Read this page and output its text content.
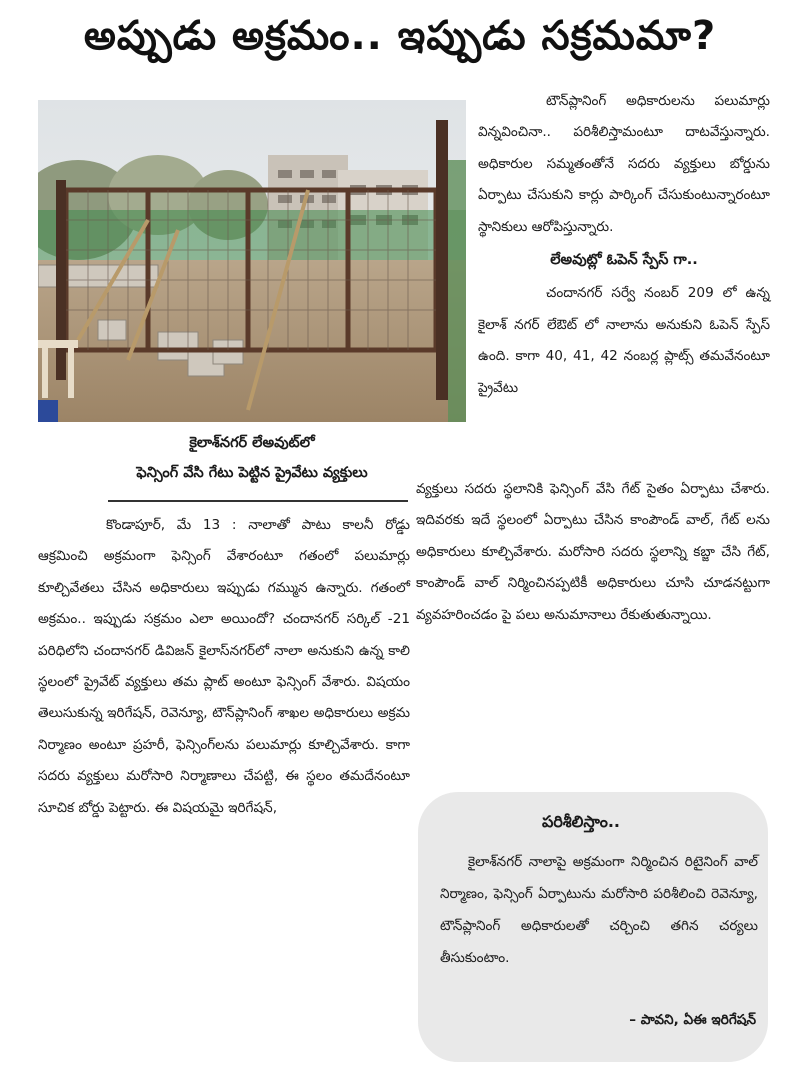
అప్పుడు అక్రమం.. ఇప్పుడు సక్రమమా?
కైలాశ్‌నగర్ లేఅవుట్‌లో
ఫెన్సింగ్ వేసి గేటు పెట్టిన ప్రైవేటు వ్యక్తులు

కొండాపూర్, మే 13 : నాలాతో పాటు కాలనీ రోడ్డు ఆక్రమించి అక్రమంగా ఫెన్సింగ్ వేశారంటూ గతంలో పలుమార్లు కూల్చివేతలు చేసిన అధికారులు ఇప్పుడు గమ్మున ఉన్నారు. గతంలో అక్రమం.. ఇప్పుడు సక్రమం ఎలా అయిందో? చందానగర్ సర్కిల్ -21 పరిధిలోని చందానగర్ డివిజన్ కైలాస్‌నగర్‌లో నాలా అనుకుని ఉన్న కాలి స్థలంలో ప్రైవేట్ వ్యక్తులు తమ ప్లాట్ అంటూ ఫెన్సింగ్ వేశారు. విషయం తెలుసుకున్న ఇరిగేషన్, రెవెన్యూ, టౌన్‌ప్లానింగ్ శాఖల అధికారులు అక్రమ నిర్మాణం అంటూ ప్రహరీ, ఫెన్సింగ్‌లను పలుమార్లు కూల్చివేశారు. కాగా సదరు వ్యక్తులు మరోసారి నిర్మాణాలు చేపట్టి, ఈ స్థలం తమదేనంటూ సూచిక బోర్డు పెట్టారు. ఈ విషయమై ఇరిగేషన్,

టౌన్‌ప్లానింగ్ అధికారులను పలుమార్లు విన్నవించినా.. పరిశీలిస్తామంటూ దాటవేస్తున్నారు. అధికారుల సమ్మతంతోనే సదరు వ్యక్తులు బోర్డును ఏర్పాటు చేసుకుని కార్లు పార్కింగ్ చేసుకుంటున్నారంటూ స్థానికులు ఆరోపిస్తున్నారు.

లేఅవుట్లో ఓపెన్ స్పేస్ గా..

చందానగర్ సర్వే నంబర్ 209 లో ఉన్న కైలాశ్ నగర్ లేఔట్ లో నాలాను అనుకుని ఓపెన్ స్పేస్ ఉంది. కాగా 40, 41, 42 నంబర్ల ప్లాట్స్ తమవేనంటూ ప్రైవేటు

వ్యక్తులు సదరు స్థలానికి ఫెన్సింగ్ వేసి గేట్ సైతం ఏర్పాటు చేశారు. ఇదివరకు ఇదే స్థలంలో ఏర్పాటు చేసిన కాంపౌండ్ వాల్, గేట్ లను అధికారులు కూల్చివేశారు. మరోసారి సదరు స్థలాన్ని కబ్జా చేసి గేట్, కాంపౌండ్ వాల్ నిర్మించినప్పటికీ అధికారులు చూసి చూడనట్టుగా వ్యవహరించడం పై పలు అనుమానాలు రేకుతుతున్నాయి.

పరిశీలిస్తాం..

కైలాశ్‌నగర్ నాలాపై అక్రమంగా నిర్మించిన రిటైనింగ్ వాల్ నిర్మాణం, ఫెన్సింగ్ ఏర్పాటును మరోసారి పరిశీలించి రెవెన్యూ, టౌన్‌ప్లానింగ్ అధికారులతో చర్చించి తగిన చర్యలు తీసుకుంటాం.

– పావని, ఏఈ ఇరిగేషన్
